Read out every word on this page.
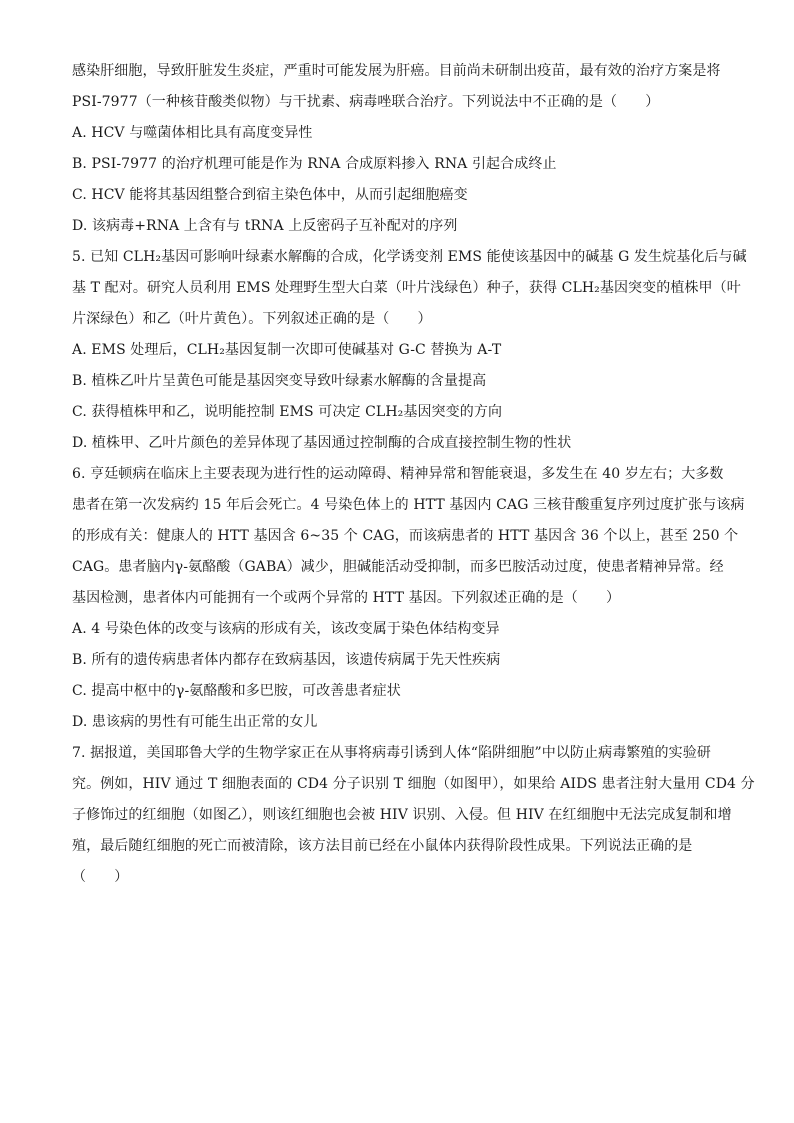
感染肝细胞，导致肝脏发生炎症，严重时可能发展为肝癌。目前尚未研制出疫苗，最有效的治疗方案是将
PSI-7977（一种核苷酸类似物）与干扰素、病毒唑联合治疗。下列说法中不正确的是（　　）
A. HCV 与噬菌体相比具有高度变异性
B. PSI-7977 的治疗机理可能是作为 RNA 合成原料掺入 RNA 引起合成终止
C. HCV 能将其基因组整合到宿主染色体中，从而引起细胞癌变
D. 该病毒+RNA 上含有与 tRNA 上反密码子互补配对的序列
5. 已知 CLH₂基因可影响叶绿素水解酶的合成，化学诱变剂 EMS 能使该基因中的碱基 G 发生烷基化后与碱
基 T 配对。研究人员利用 EMS 处理野生型大白菜（叶片浅绿色）种子，获得 CLH₂基因突变的植株甲（叶
片深绿色）和乙（叶片黄色）。下列叙述正确的是（　　）
A. EMS 处理后，CLH₂基因复制一次即可使碱基对 G-C 替换为 A-T
B. 植株乙叶片呈黄色可能是基因突变导致叶绿素水解酶的含量提高
C. 获得植株甲和乙，说明能控制 EMS 可决定 CLH₂基因突变的方向
D. 植株甲、乙叶片颜色的差异体现了基因通过控制酶的合成直接控制生物的性状
6. 亨廷顿病在临床上主要表现为进行性的运动障碍、精神异常和智能衰退，多发生在 40 岁左右；大多数
患者在第一次发病约 15 年后会死亡。4 号染色体上的 HTT 基因内 CAG 三核苷酸重复序列过度扩张与该病
的形成有关：健康人的 HTT 基因含 6~35 个 CAG，而该病患者的 HTT 基因含 36 个以上，甚至 250 个
CAG。患者脑内γ-氨酪酸（GABA）减少，胆碱能活动受抑制，而多巴胺活动过度，使患者精神异常。经
基因检测，患者体内可能拥有一个或两个异常的 HTT 基因。下列叙述正确的是（　　）
A. 4 号染色体的改变与该病的形成有关，该改变属于染色体结构变异
B. 所有的遗传病患者体内都存在致病基因，该遗传病属于先天性疾病
C. 提高中枢中的γ-氨酪酸和多巴胺，可改善患者症状
D. 患该病的男性有可能生出正常的女儿
7. 据报道，美国耶鲁大学的生物学家正在从事将病毒引诱到人体“陷阱细胞”中以防止病毒繁殖的实验研
究。例如，HIV 通过 T 细胞表面的 CD4 分子识别 T 细胞（如图甲），如果给 AIDS 患者注射大量用 CD4 分
子修饰过的红细胞（如图乙），则该红细胞也会被 HIV 识别、入侵。但 HIV 在红细胞中无法完成复制和增
殖，最后随红细胞的死亡而被清除，该方法目前已经在小鼠体内获得阶段性成果。下列说法正确的是
（　　）
